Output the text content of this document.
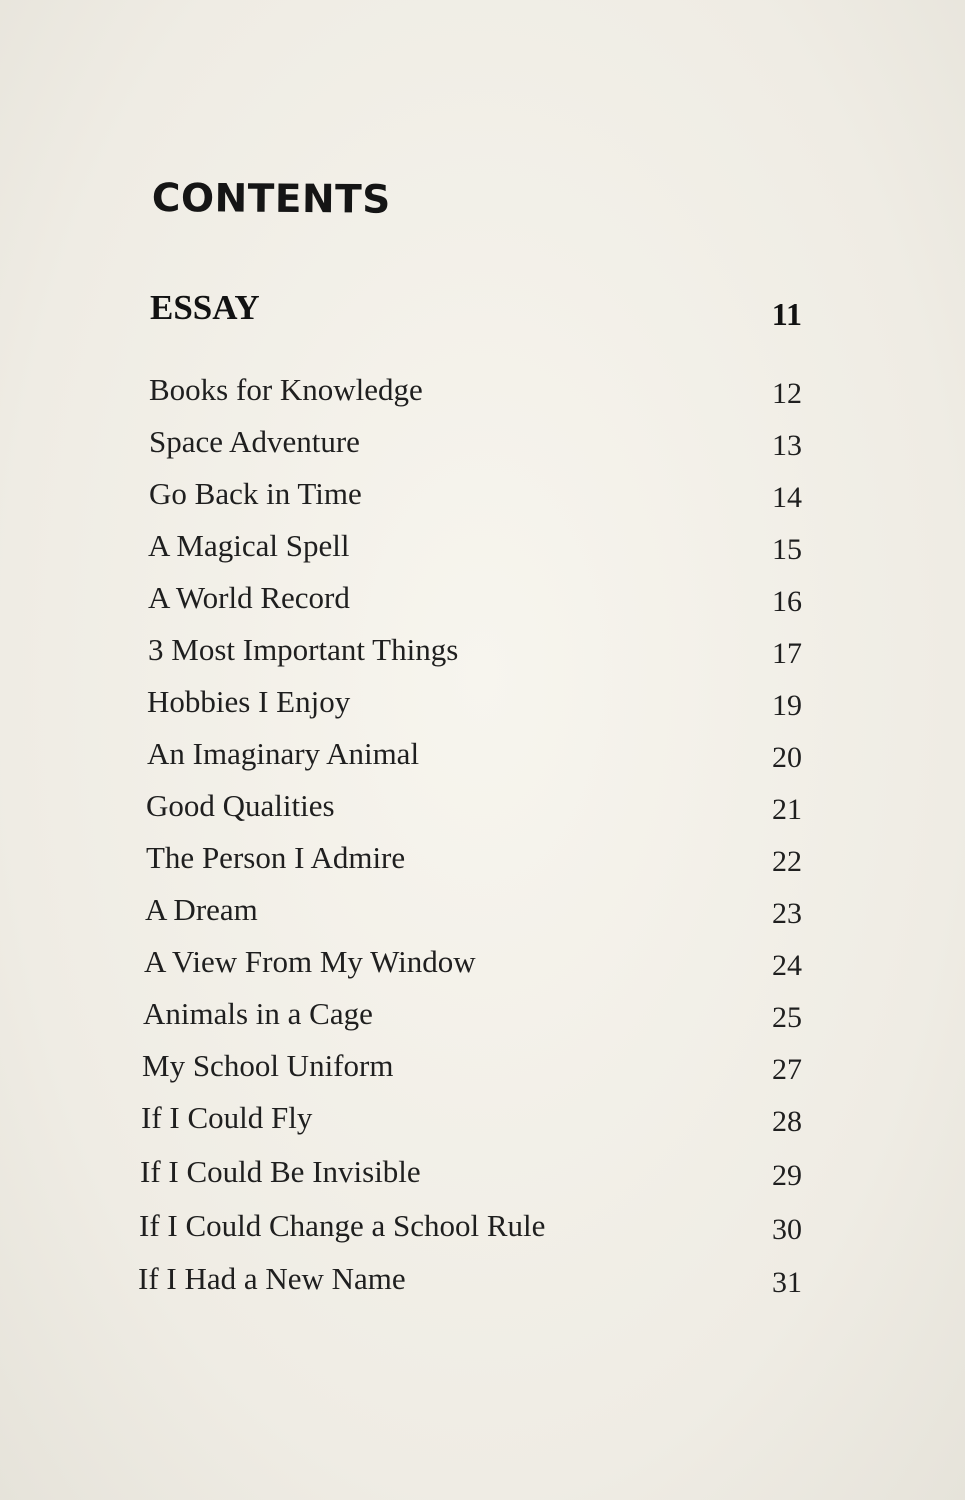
CONTENTS
ESSAY	11
Books for Knowledge	12
Space Adventure	13
Go Back in Time	14
A Magical Spell	15
A World Record	16
3 Most Important Things	17
Hobbies I Enjoy	19
An Imaginary Animal	20
Good Qualities	21
The Person I Admire	22
A Dream	23
A View From My Window	24
Animals in a Cage	25
My School Uniform	27
If I Could Fly	28
If I Could Be Invisible	29
If I Could Change a School Rule	30
If I Had a New Name	31
